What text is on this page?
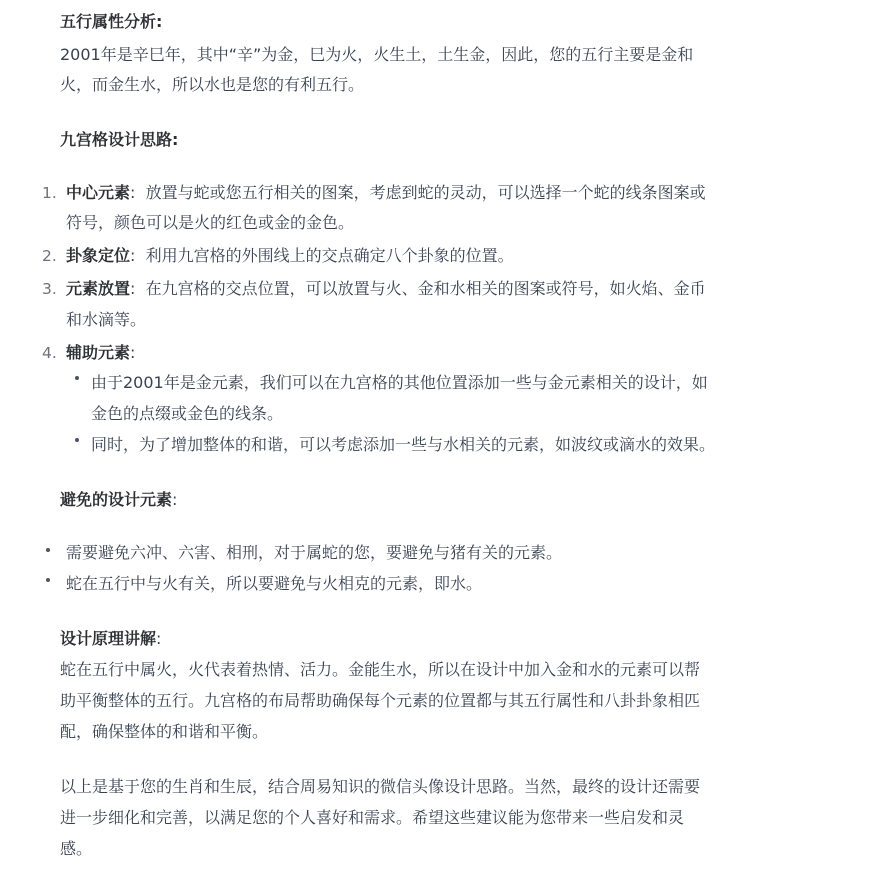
五行属性分析:
2001年是辛巳年，其中“辛”为金，巳为火，火生土，土生金，因此，您的五行主要是金和
火，而金生水，所以水也是您的有利五行。
九宫格设计思路:
1. 中心元素: 放置与蛇或您五行相关的图案，考虑到蛇的灵动，可以选择一个蛇的线条图案或
符号，颜色可以是火的红色或金的金色。
2. 卦象定位: 利用九宫格的外围线上的交点确定八个卦象的位置。
3. 元素放置: 在九宫格的交点位置，可以放置与火、金和水相关的图案或符号，如火焰、金币
和水滴等。
4. 辅助元素:
由于2001年是金元素，我们可以在九宫格的其他位置添加一些与金元素相关的设计，如
金色的点缀或金色的线条。
同时，为了增加整体的和谐，可以考虑添加一些与水相关的元素，如波纹或滴水的效果。
避免的设计元素:
需要避免六冲、六害、相刑，对于属蛇的您，要避免与猪有关的元素。
蛇在五行中与火有关，所以要避免与火相克的元素，即水。
设计原理讲解:
蛇在五行中属火，火代表着热情、活力。金能生水，所以在设计中加入金和水的元素可以帮
助平衡整体的五行。九宫格的布局帮助确保每个元素的位置都与其五行属性和八卦卦象相匹
配，确保整体的和谐和平衡。
以上是基于您的生肖和生辰，结合周易知识的微信头像设计思路。当然，最终的设计还需要
进一步细化和完善，以满足您的个人喜好和需求。希望这些建议能为您带来一些启发和灵
感。
